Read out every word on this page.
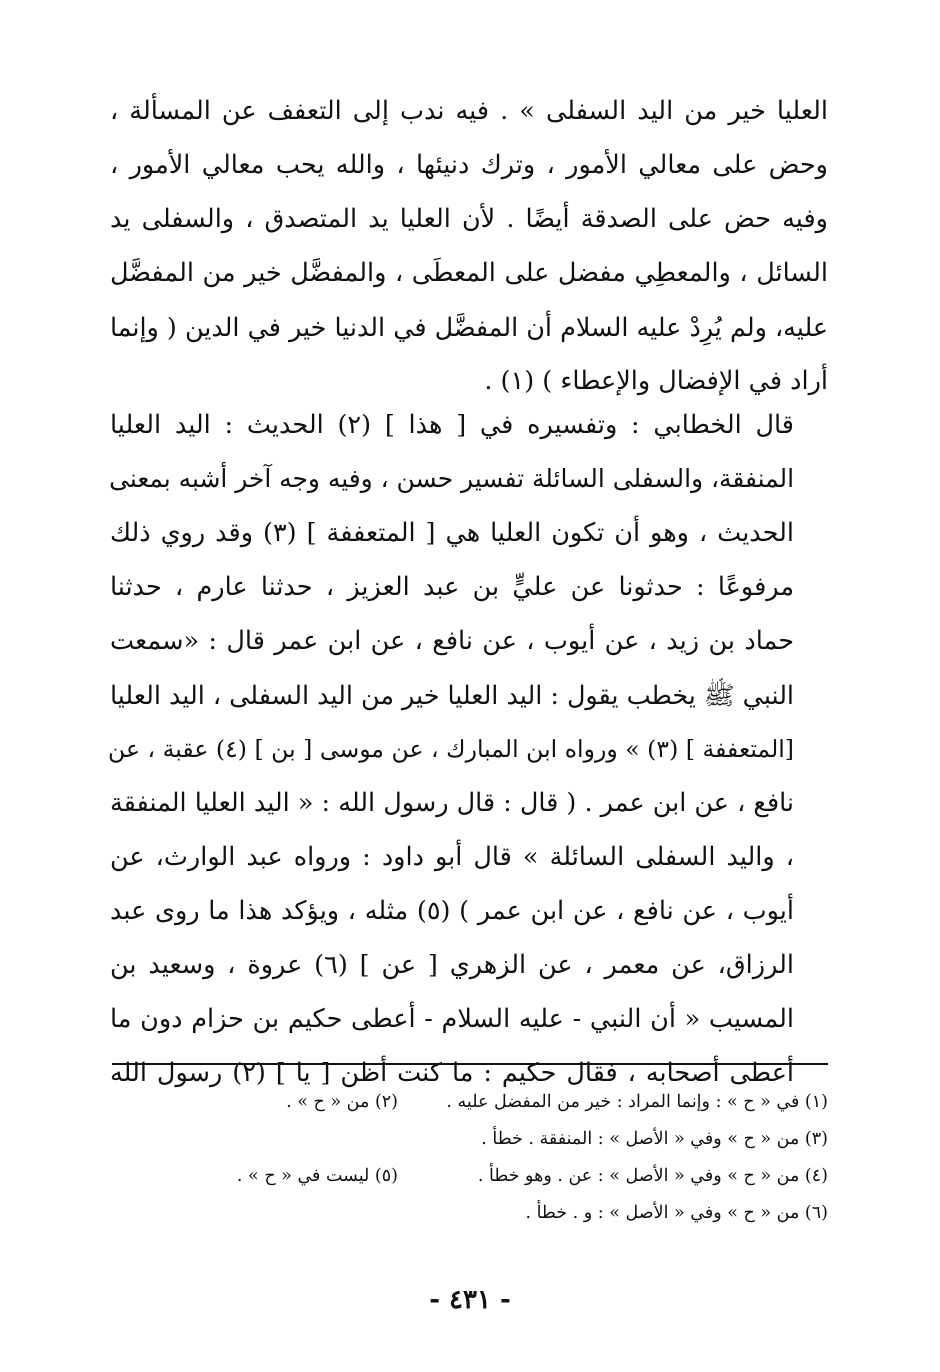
العليا خير من اليد السفلى » . فيه ندب إلى التعفف عن المسألة ،
وحض على معالي الأمور ، وترك دنيئها ، والله يحب معالي الأمور ،
وفيه حض على الصدقة أيضًا . لأن العليا يد المتصدق ، والسفلى يد
السائل ، والمعطِي مفضل على المعطَى ، والمفضَّل خير من المفضَّل
عليه، ولم يُرِدْ عليه السلام أن المفضَّل في الدنيا خير في الدين ( وإنما
أراد في الإفضال والإعطاء ) (١) .
قال الخطابي : وتفسيره في [ هذا ] (٢) الحديث : اليد العليا
المنفقة، والسفلى السائلة تفسير حسن ، وفيه وجه آخر أشبه بمعنى
الحديث ، وهو أن تكون العليا هي [ المتعففة ] (٣) وقد روي ذلك
مرفوعًا : حدثونا عن عليٍّ بن عبد العزيز ، حدثنا عارم ، حدثنا
حماد بن زيد ، عن أيوب ، عن نافع ، عن ابن عمر قال : «سمعت
النبي ﷺ يخطب يقول : اليد العليا خير من اليد السفلى ، اليد العليا
[المتعففة ] (٣) » ورواه ابن المبارك ، عن موسى [ بن ] (٤) عقبة ، عن
نافع ، عن ابن عمر . ( قال : قال رسول الله : « اليد العليا المنفقة
، واليد السفلى السائلة » قال أبو داود : ورواه عبد الوارث، عن
أيوب ، عن نافع ، عن ابن عمر ) (٥) مثله ، ويؤكد هذا ما روى عبد
الرزاق، عن معمر ، عن الزهري [ عن ] (٦) عروة ، وسعيد بن
المسيب « أن النبي - عليه السلام - أعطى حكيم بن حزام دون ما
أعطى أصحابه ، فقال حكيم : ما كنت أظن [ يا ] (٢) رسول الله
(١) في « ح » : وإنما المراد : خير من المفضل عليه .
(٢) من « ح » .
(٣) من « ح » وفي « الأصل » : المنفقة . خطأ .
(٤) من « ح » وفي « الأصل » : عن . وهو خطأ .
(٥) ليست في « ح » .
(٦) من « ح » وفي « الأصل » : و . خطأ .
- ٤٣١ -
